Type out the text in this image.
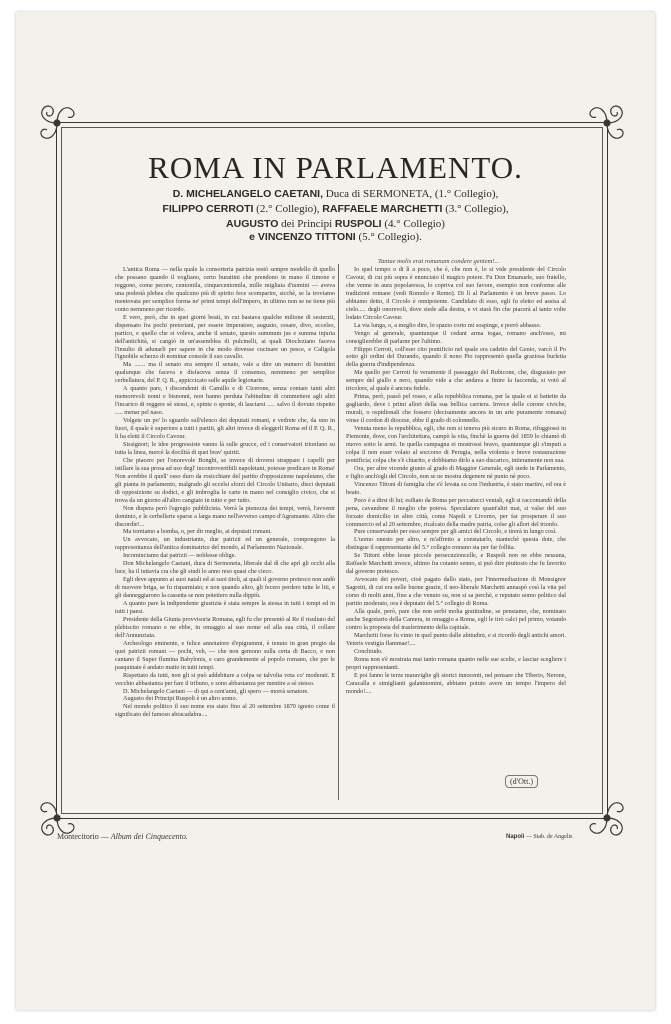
ROMA IN PARLAMENTO.
D. MICHELANGELO CAETANI, Duca di SERMONETA, (1.° Collegio),
FILIPPO CERROTI (2.° Collegio), RAFFAELE MARCHETTI (3.° Collegio),
AUGUSTO dei Principi RUSPOLI (4.° Collegio)
e VINCENZO TITTONI (5.° Collegio).
Tantae molis erat romanam condere gentem!...

L'antica Roma — nella quale la consorteria patrizia restò sempre modello di quello che possano quando il vogliano, certo burattini che prendono in mano il timone e reggono, come pecore, centomila, cinquecentomila, mille migliaia d'uomini — aveva una podestà plebea che qualcuno più di spirito fece scomparire, sicchè, se la troviamo mentovata per semplice forma ne' primi tempi dell'impero, in ultimo non se ne tiene più conto nemmeno per ricordo.

E vero, però, che in quei giorni beati, in cui bastava qualche milione di sesterzii, dispensato fra pochi pretoriani, per essere imperatore, augusto, cesare, divo, eccelso, partico, e quello che si voleva, anche il senato, questo summum jus e summa injuria dell'antichità, si cangiò in un'assemblea di pulcinelli, ai quali Diocleziano faceva l'insulto di adunarli per sapere in che modo dovesse cucinare un pesce, e Caligola l'ignobile scherzo di nominar console il suo cavallo.

Ma ....... ma il senato era sempre il senato, vale a dire un numero di burattini qualunque che faceva e disfaceva senza il consenso, nemmeno per semplice cerbellatura, del P. Q. R., appiccicato sulle aquile legionarie.

A quanto pare, i discendenti di Camillo e di Cicerone, senza contare tanti altri memorevoli nomi e bisnonni, non hanno perduta l'abitudine di commettere agli altri l'incarico di reggere sè stessi, e, spinte o sponte, di lasciarsi ..... salvo il dovuto rispetto ..... menar pel naso.

Volgete un po' lo sguardo sull'elenco dei deputati romani, e vedrete che, da uno in fuori, il quale è superiore a tutti i partiti, gli altri invece di eleggerli Roma ed il P. Q. R., li ha eletti il Circolo Cavour.

Sissignori; le idee progressiste vanno là sulle grucce, ed i conservatori trionfano su tutta la linea, mercè la docilità di quei brav' quiriti.

Che piacere per l'onorevole Bonghi, se invece di doversi strappare i capelli per istillare la sua prosa ad uso degl' incontrovertibili napoletani, potesse predicare in Roma! Non avrebbe il quell' osso duro da rosicchiare del partito d'opposizione napoletano, che gli pianta in parlamento, malgrado gli eccelsi sforzi del Circolo Unitario, dieci deputati di opposizione su dodici, e gli imbroglia le carte in mano nel consiglio civico, che si trova da un giorno all'altro cangiato in tutto e per tutto.

Non dispera però l'egregio pubblicista. Verrà la pienezza dei tempi, verrà, l'avvenir dominio, e le cerbellerie sparse a larga mano nell'avverso campo d'Agramante. Altro che discordie!...

Ma torniamo a bomba, o, per dir meglio, ai deputati romani.

Un avvocato, un industriante, due patrizii ed un generale, compongono la rappresentanza dell'antica dominatrice del mondo, al Parlamento Nazionale.

Incominciamo dai patrizii — noblesse oblige.

Don Michelangelo Caetani, duca di Sermoneta, liberale dal dì che aprì gli occhi alla luce, ha il tuttavia cra che gli studi lo anno reso quasi che cieco.

Egli deve appunto ai suoi natali ed ai suoi titoli, ai quali il governo pretesco non andò di nuovere briga, se fu risparmiato; e non quando altro, gli fecero perdere tutte le liti, e gli danneggiarono la cassetta se non potettero nulla dippiù.

A quanto pare la indipendente giustizia è stata sempre la stessa in tutti i tempi ed in tutti i paesi.

Presidente della Giunta provvisoria Romana, egli fu che presentò al Re il risultato del plebiscito romano e ne ebbe, in omaggio al suo nome ed alla sua città, il collare dell'Annunziata.

Archeologo eminente, e felice annotatore d'epigrammi, è tenuto in gran pregio da quei patrizii romani — pochi, veh, — che non gemono sulla certa di Bacco, e non cantano il Super flumina Babylonis, e caro grandemente al popolo romano, che per le pasquinate è andato matto in tutti tempi.

Rispettato da tutti, non gli si può addebitare a colpa se talvolta vota co' moderati. E vecchio abbastanza per fare il tribuno, e sono abbastanza per mentire a sè stesso.

D. Michelangelo Caetani — di qui a cent'anni, gli spero — morrà senatore.

Augusto dei Principi Ruspoli è un altro uomo.

Nel mondo politico il suo nome era stato fino al 20 settembre 1870 ignoto come il significato del famoso abracadabra....

Io quel tempo o di lì a poco, che è, che non è, lo si vide presidente del Circolo Cavour, di cui più sopra è enunciato il magico potere. Fu Don Emanuele, suo fratello, che venne in aura popolaresca, lo copriva col suo favore, esempio non conforme alle tradizioni romane (vedi Romolo e Remo). Di lì al Parlamento è un breve passo. Lo abbiamo detto, il Circolo è onnipotente. Candidato di esso, egli fu eletto ed assisa al cielo..... degli onorevoli, dove siede alla destra, e vi starà fin che piacerà al tanto volte lodato Circolo Cavour.

La via lunga, o, a meglio dire, lo spazio corto mi sospinge, e porrò abbasso.

Vengo al generale, quantunque il cedant arma togae, romano anch'esso, mi consiglierebbe di parlarne per l'ultimo.

Filippo Cerroti, coll'eser cito pontificio nel quale era cadetto del Genio, varcò il Po sotto gli ordini del Durando, quando il nono Pio rappresentò quella graziosa burletta della guerra d'indipendenza.

Ma quello per Cerroti fu veramente il passaggio del Rubicone, che, disgustato per sempre del giallo e nero, quando vide a che andava a finire la faccenda, si votò al tricolore, al quale è ancora fedele.

Prima, però, passò pel rosso, e alla repubblica romana, per la quale ei si battette da gagliardo, deve i primi allori della sua bellica carriera. Invece delle corone civiche, murali, o ospidionali che fossero (decisamente ancora in un arte puramente romana) vinse il cordon di diocese, ebbe il grado di colonnello.

Venuta meno la repubblica, egli, che non si teneva più sicuro in Roma, rifuggiossi in Piemonte, dove, con l'architettura, campò la vita, finchè la guerra del 1859 lo chiamò di nuovo sotto le armi. In quella campagna ei mostrossi bravo, quantunque gli s'imputi a colpa il non esser volato al soccorso di Perugia, nella violenta e breve restaurazione pontificia; colpa che s'è chiarito, e dobbiamo dirlo a suo discarico, intieramente non sua.

Ora, per altre vicende giunto al grado di Maggior Generale, egli siede in Parlamento, e figlio anch'egli del Circolo, non se ne mostra degenere nè punto nè poco.

Vincenzo Tittoni di famiglia che s'è levata su con l'industria, è stato martire, ed ora è beato.

Poco è a dirsi di lui; esiliato da Roma per peccatucci veniali, egli si raccomandò della pena, cavandone il meglio che poteva. Speculatore quant'altri mai, si valse del suo forzato domicilio in altre città, come Napoli e Livorno, per far prosperare il suo commercio ed al 20 settembre, ricalcato della madre patria, colse gli allori del trionfo.

Pure conservando per esso sempre per gli amici del Circolo, e tirerà in lungo così.

L'uomo onesto per altro, e m'affretto a constatarlo, stantechè questa dote, che distingue il rappresentante del 5.° collegio romano sta per far follita.

Se Tittoni ebbe lesue piccole persecuzioncelle, e Ruspoli non ne ebbe nessuna, Raffaele Marchetti invece, ultimo fra cotanto senno, si può dire piuttosto che fu favorito dal governo pretesco.

Avvocato dei poveri, cioè pagato dallo stato, per l'intermediazione di Monsignor Sagretti, di cui era nelle buone grazie, il neo-liberale Marchetti annaspò così la vita pel corso di molti anni, fino a che venuto su, non si sa perchè, e reputato uomo politico dal partito moderato, ora è deputato del 5.° collegio di Roma.

Alla quale, però, pare che non serbi molta gratitudine, se pensiamo, che, nominato anche Segretario della Camera, in omaggio a Roma, egli le tirò calci pel primo, votando contro la proposta del trasferimento della capitale.

Marchetti forse fu vinto in quel punto dalle abitudini, e si ricordò degli antichi amori. Veteris vestigia flammae!....

Conchiudo.

Roma non s'è mostrata mai tanto romana quanto nelle sue scelte, e lasciar scegliere i propri rappresentanti.

E poi fanno le terze maraviglie gli storici innocenti, nel pensare che Tiberio, Nerone, Caracalla e simiglianti galantuomini, abbiano potuto avere un tempo l'impero del mondo!....

(d'Ott.)
Montecitorio — Album dei Cinquecento.	Napoli — Stab. de Angelis
